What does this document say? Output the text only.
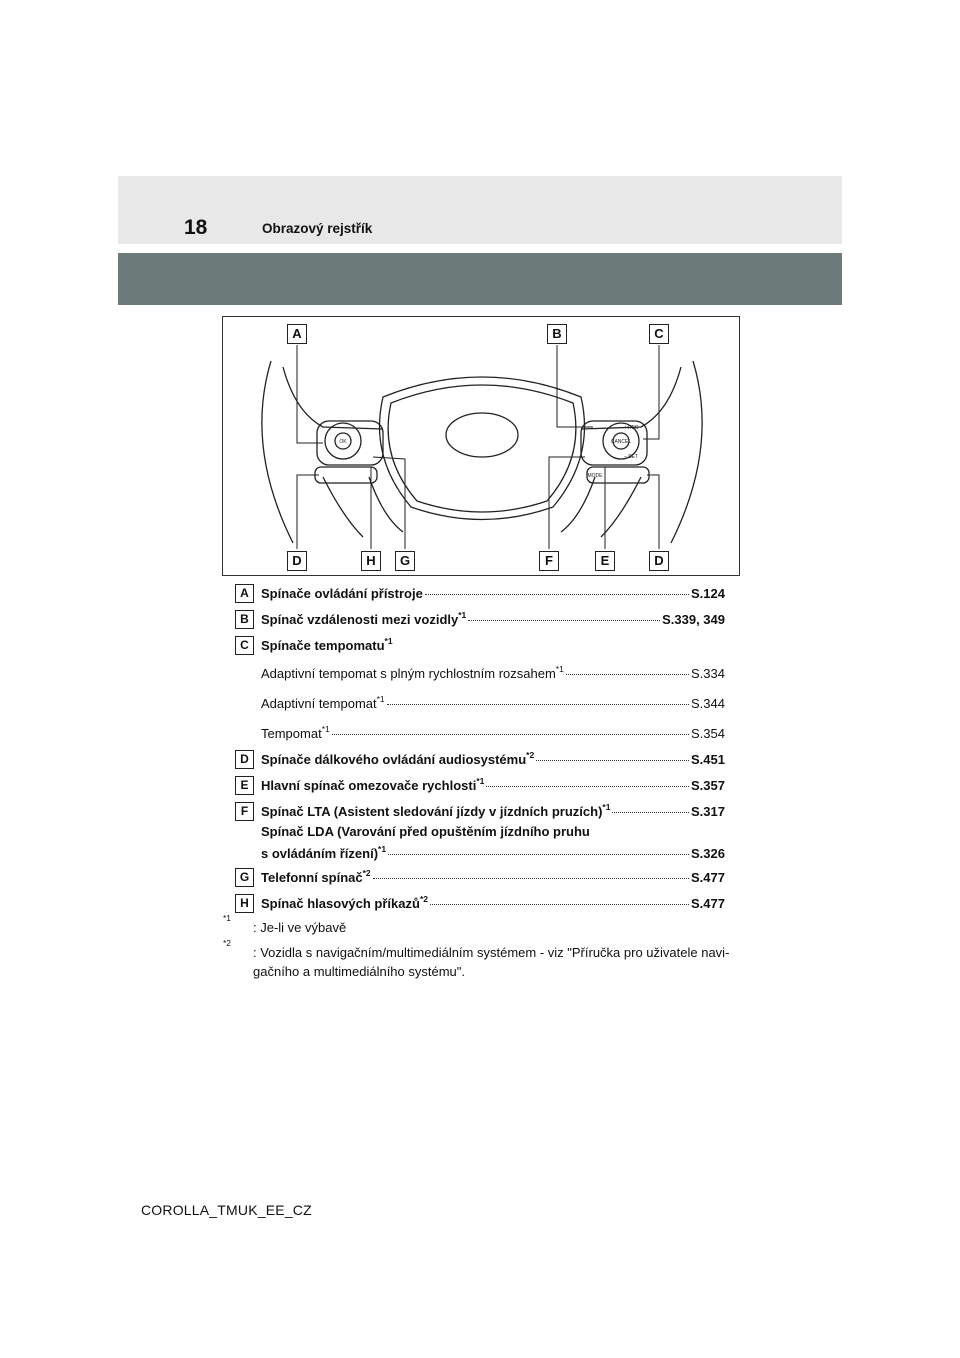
18	Obrazový rejstřík
OK
MODE
+ RES
– SET
CANCEL
A	B	C
D	H	G	F	E	D
A Spínače ovládání přístroje	S.124
B Spínač vzdálenosti mezi vozidly$^{*1}$	S.339, 349
C Spínače tempomatu$^{*1}$
Adaptivní tempomat s plným rychlostním rozsahem$^{*1}$	S.334
Adaptivní tempomat$^{*1}$	S.344
Tempomat$^{*1}$	S.354
D Spínače dálkového ovládání audiosystému$^{*2}$	S.451
E Hlavní spínač omezovače rychlosti$^{*1}$	S.357
F Spínač LTA (Asistent sledování jízdy v jízdních pruzích)$^{*1}$	S.317
Spínač LDA (Varování před opuštěním jízdního pruhu
s ovládáním řízení)$^{*1}$	S.326
G Telefonní spínač$^{*2}$	S.477
H Spínač hlasových příkazů$^{*2}$	S.477
*1
: Je-li ve výbavě
*2
: Vozidla s navigačním/multimediálním systémem - viz "Příručka pro uživatele navi-gačního a multimediálního systému".
COROLLA_TMUK_EE_CZ
